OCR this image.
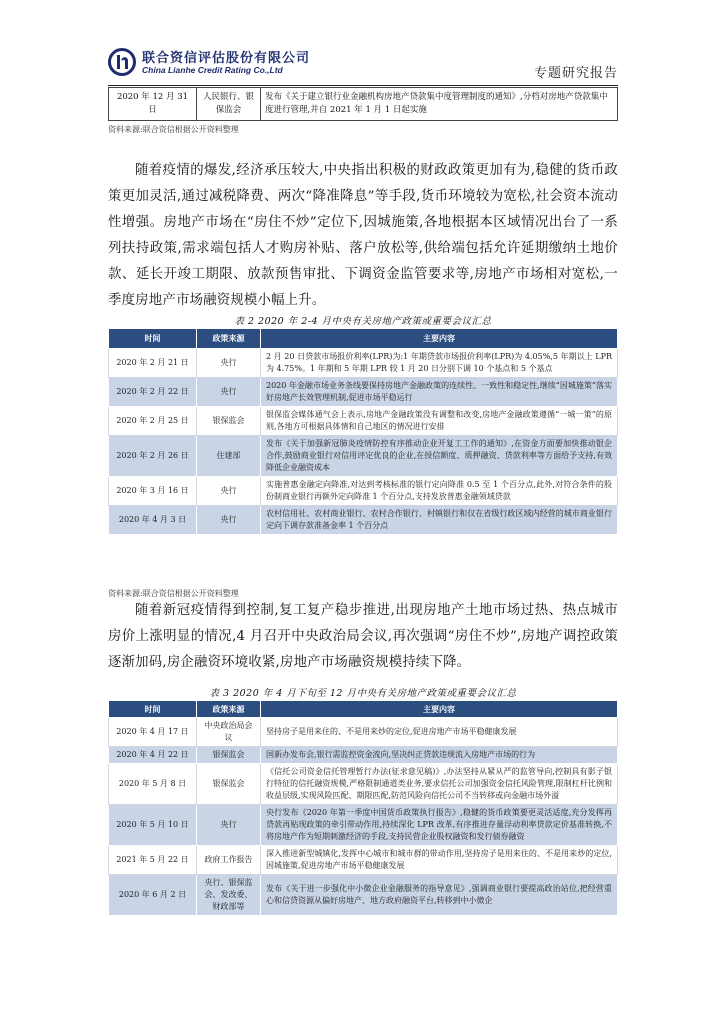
联合资信评估股份有限公司
China Lianhe Credit Rating Co.,Ltd	专题研究报告
2020 年 12 月 31 日	人民银行、银保监会	发布《关于建立银行业金融机构房地产贷款集中度管理制度的通知》,分档对房地产贷款集中度进行管理,并自 2021 年 1 月 1 日起实施
资料来源:联合资信根据公开资料整理
随着疫情的爆发,经济承压较大,中央指出积极的财政政策更加有为,稳健的货币政策更加灵活,通过减税降费、两次“降准降息”等手段,货币环境较为宽松,社会资本流动性增强。房地产市场在“房住不炒”定位下,因城施策,各地根据本区域情况出台了一系列扶持政策,需求端包括人才购房补贴、落户放松等,供给端包括允许延期缴纳土地价款、延长开竣工期限、放款预售审批、下调资金监管要求等,房地产市场相对宽松,一季度房地产市场融资规模小幅上升。
表 2 2020 年 2-4 月中央有关房地产政策或重要会议汇总
时间	政策来源	主要内容
2020 年 2 月 21 日	央行	2 月 20 日贷款市场报价利率(LPR)为:1 年期贷款市场报价利率(LPR)为 4.05%,5 年期以上 LPR 为 4.75%。1 年期和 5 年期 LPR 较 1 月 20 日分别下调 10 个基点和 5 个基点
2020 年 2 月 22 日	央行	2020 年金融市场业务条线要保持房地产金融政策的连续性、一致性和稳定性,继续“因城施策”落实好房地产长效管理机制,促进市场平稳运行
2020 年 2 月 25 日	银保监会	银保监会媒体通气会上表示,房地产金融政策没有调整和改变,房地产金融政策遵循“一城一策”的原则,各地方可根据具体情和自己地区的情况进行安排
2020 年 2 月 26 日	住建部	发布《关于加强新冠肺炎疫情防控有序推动企业开复工工作的通知》,在资金方面要加快推动银企合作,鼓励商业银行对信用评定优良的企业,在授信额度、质押融资、贷款利率等方面给予支持,有效降低企业融资成本
2020 年 3 月 16 日	央行	实施普惠金融定向降准,对达到考核标准的银行定向降准 0.5 至 1 个百分点,此外,对符合条件的股份制商业银行再额外定向降准 1 个百分点,支持发放普惠金融领域贷款
2020 年 4 月 3 日	央行	农村信用社、农村商业银行、农村合作银行、村镇银行和仅在省级行政区域内经营的城市商业银行定向下调存款准备金率 1 个百分点
资料来源:联合资信根据公开资料整理
随着新冠疫情得到控制,复工复产稳步推进,出现房地产土地市场过热、热点城市房价上涨明显的情况,4 月召开中央政治局会议,再次强调“房住不炒”,房地产调控政策逐渐加码,房企融资环境收紧,房地产市场融资规模持续下降。
表 3 2020 年 4 月下旬至 12 月中央有关房地产政策或重要会议汇总
时间	政策来源	主要内容
2020 年 4 月 17 日	中央政治局会议	坚持房子是用来住的、不是用来炒的定位,促进房地产市场平稳健康发展
2020 年 4 月 22 日	银保监会	国新办发布会,银行需监控资金流向,坚决纠正贷款违规流入房地产市场的行为
2020 年 5 月 8 日	银保监会	《信托公司资金信托管理暂行办法(征求意见稿)》,办法坚持从紧从严的监管导向,控制具有影子银行特征的信托融资规模,严格限制通道类业务,要求信托公司加强资金信托风险管理,限制杠杆比例和收益层级,实现风险匹配、期限匹配,防范风险向信托公司不当转移或向金融市场外溢
2020 年 5 月 10 日	央行	央行发布《2020 年第一季度中国货币政策执行报告》,稳健的货币政策要更灵活适度,充分发挥再贷款再贴现政策的牵引带动作用,持续深化 LPR 改革,有序推进存量浮动利率贷款定价基准转换,不将房地产作为短期刺激经济的手段,支持民营企业股权融资和发行债券融资
2021 年 5 月 22 日	政府工作报告	深入推进新型城镇化,发挥中心城市和城市群的带动作用,坚持房子是用来住的、不是用来炒的定位,因城施策,促进房地产市场平稳健康发展
2020 年 6 月 2 日	央行、银保监会、发改委、财政部等	发布《关于进一步强化中小微企业金融服务的指导意见》,强调商业银行要提高政治站位,把经营重心和信贷资源从偏好房地产、地方政府融资平台,转移到中小微企
